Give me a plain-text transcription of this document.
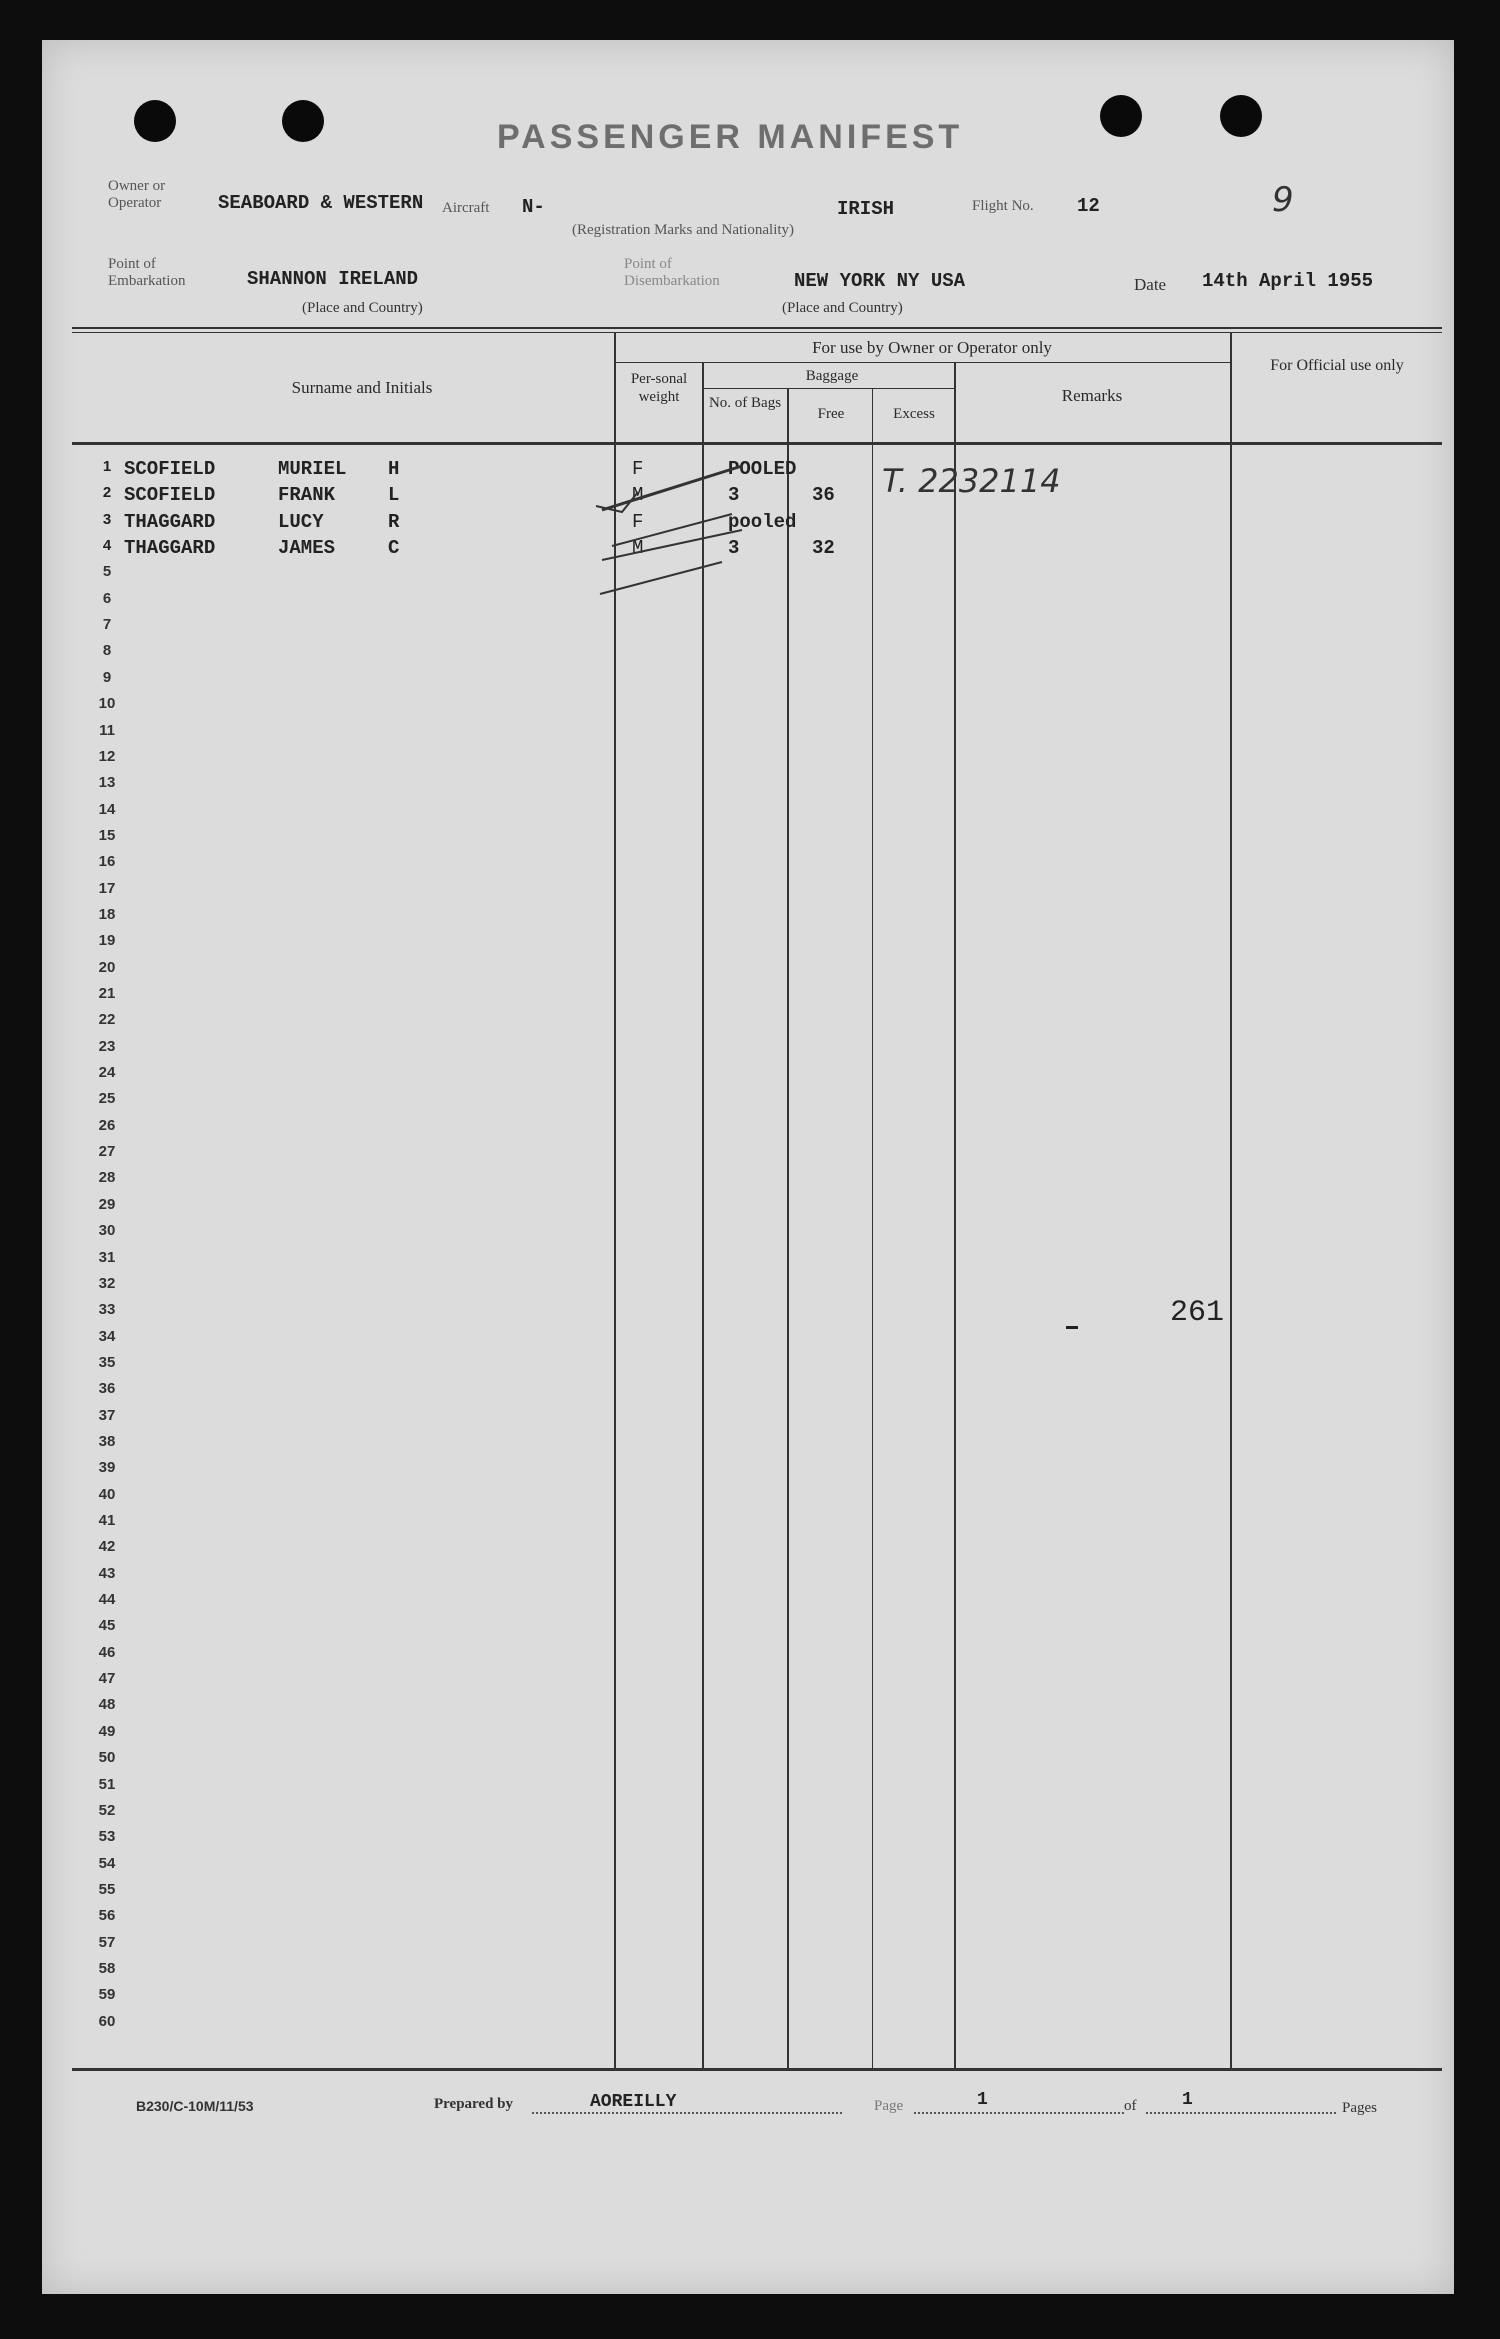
PASSENGER MANIFEST
Owner or Operator	SEABOARD & WESTERN Aircraft N-	IRISH
(Registration Marks and Nationality)
Flight No. 12	9
Point of Embarkation	SHANNON IRELAND
(Place and Country)
Point of Disembarkation	NEW YORK NY USA
(Place and Country)
Date 14th April 1955
Surname and Initials
For use by Owner or Operator only
Per-sonal weight
Baggage
No. of Bags
Free	Excess
Remarks
For Official use only
1 SCOFIELD	MURIEL H	F	POOLED
2 SCOFIELD	FRANK	L	M	3	36
3 THAGGARD	LUCY	R	F	pooled
4 THAGGARD	JAMES	C	M	3	32
5
6
7
8
9
10
11
12
13
14
15
16
17
18
19
20
21
22
23
24
25
26
27
28
29
30
31
32
33
34
35
36
37
38
39
40
41
42
43
44
45
46
47
48
49
50
51
52
53
54
55
56
57
58
59
60
T. 2232114
261
B230/C-10M/11/53	Prepared by	AOREILLY	Page	1	of	1	Pages
